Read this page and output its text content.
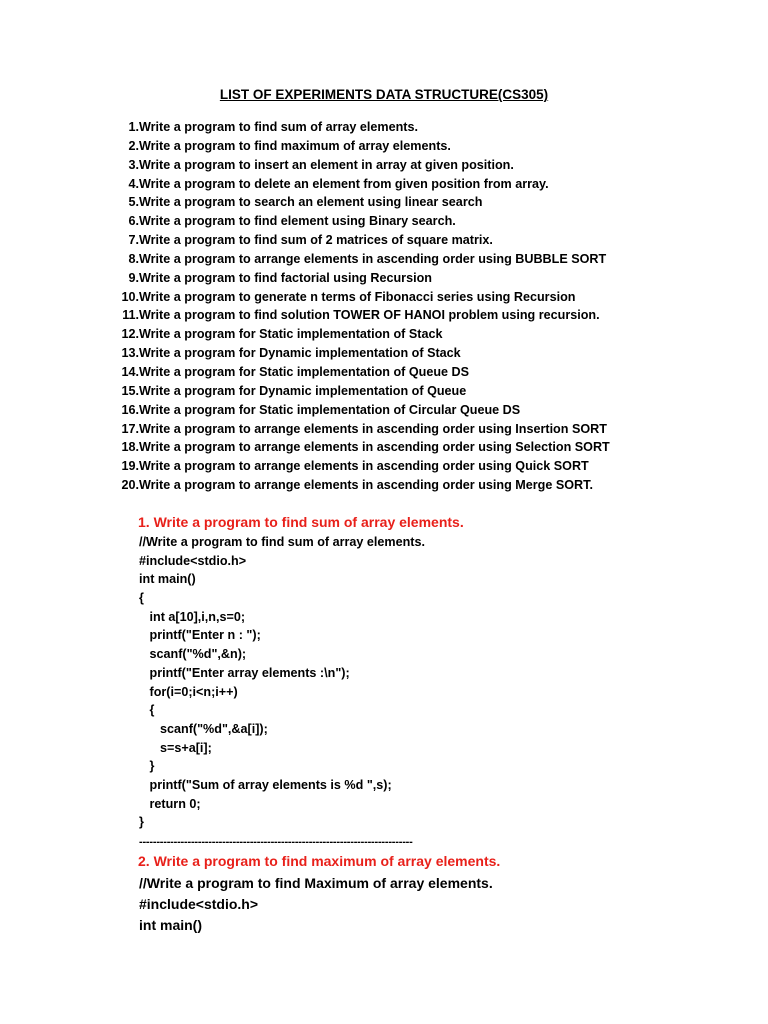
LIST OF EXPERIMENTS DATA STRUCTURE(CS305)
1. Write a program to find sum of array elements.
2. Write a program to find maximum of array elements.
3. Write a program to insert an element in array at given position.
4. Write a program to delete an element from given position from array.
5. Write a program to search an element using linear search
6. Write a program to find element using Binary search.
7. Write a program to find sum of 2 matrices of square matrix.
8. Write a program to arrange elements in ascending order using BUBBLE SORT
9. Write a program to find factorial using Recursion
10. Write a program to generate n terms of Fibonacci series using Recursion
11. Write a program to find solution TOWER OF HANOI problem using recursion.
12. Write a program for Static implementation of Stack
13. Write a program for Dynamic implementation of Stack
14. Write a program for Static implementation of Queue DS
15. Write a program for Dynamic implementation of Queue
16. Write a program for Static implementation of Circular Queue DS
17. Write a program to arrange elements in ascending order using Insertion SORT
18. Write a program to arrange elements in ascending order using Selection SORT
19. Write a program to arrange elements in ascending order using Quick SORT
20. Write a program to arrange elements in ascending order using Merge SORT.
1. Write a program to find sum of array elements.
//Write a program to find sum of array elements.
#include<stdio.h>
int main()
{
int a[10],i,n,s=0;
printf("Enter n : ");
scanf("%d",&n);
printf("Enter array elements :\n");
for(i=0;i<n;i++)
{
scanf("%d",&a[i]);
s=s+a[i];
}
printf("Sum of array elements is %d ",s);
return 0;
}
-------------------------------------------------------------------------------
2. Write a program to find maximum of array elements.
//Write a program to find Maximum of array elements.
#include<stdio.h>
int main()
